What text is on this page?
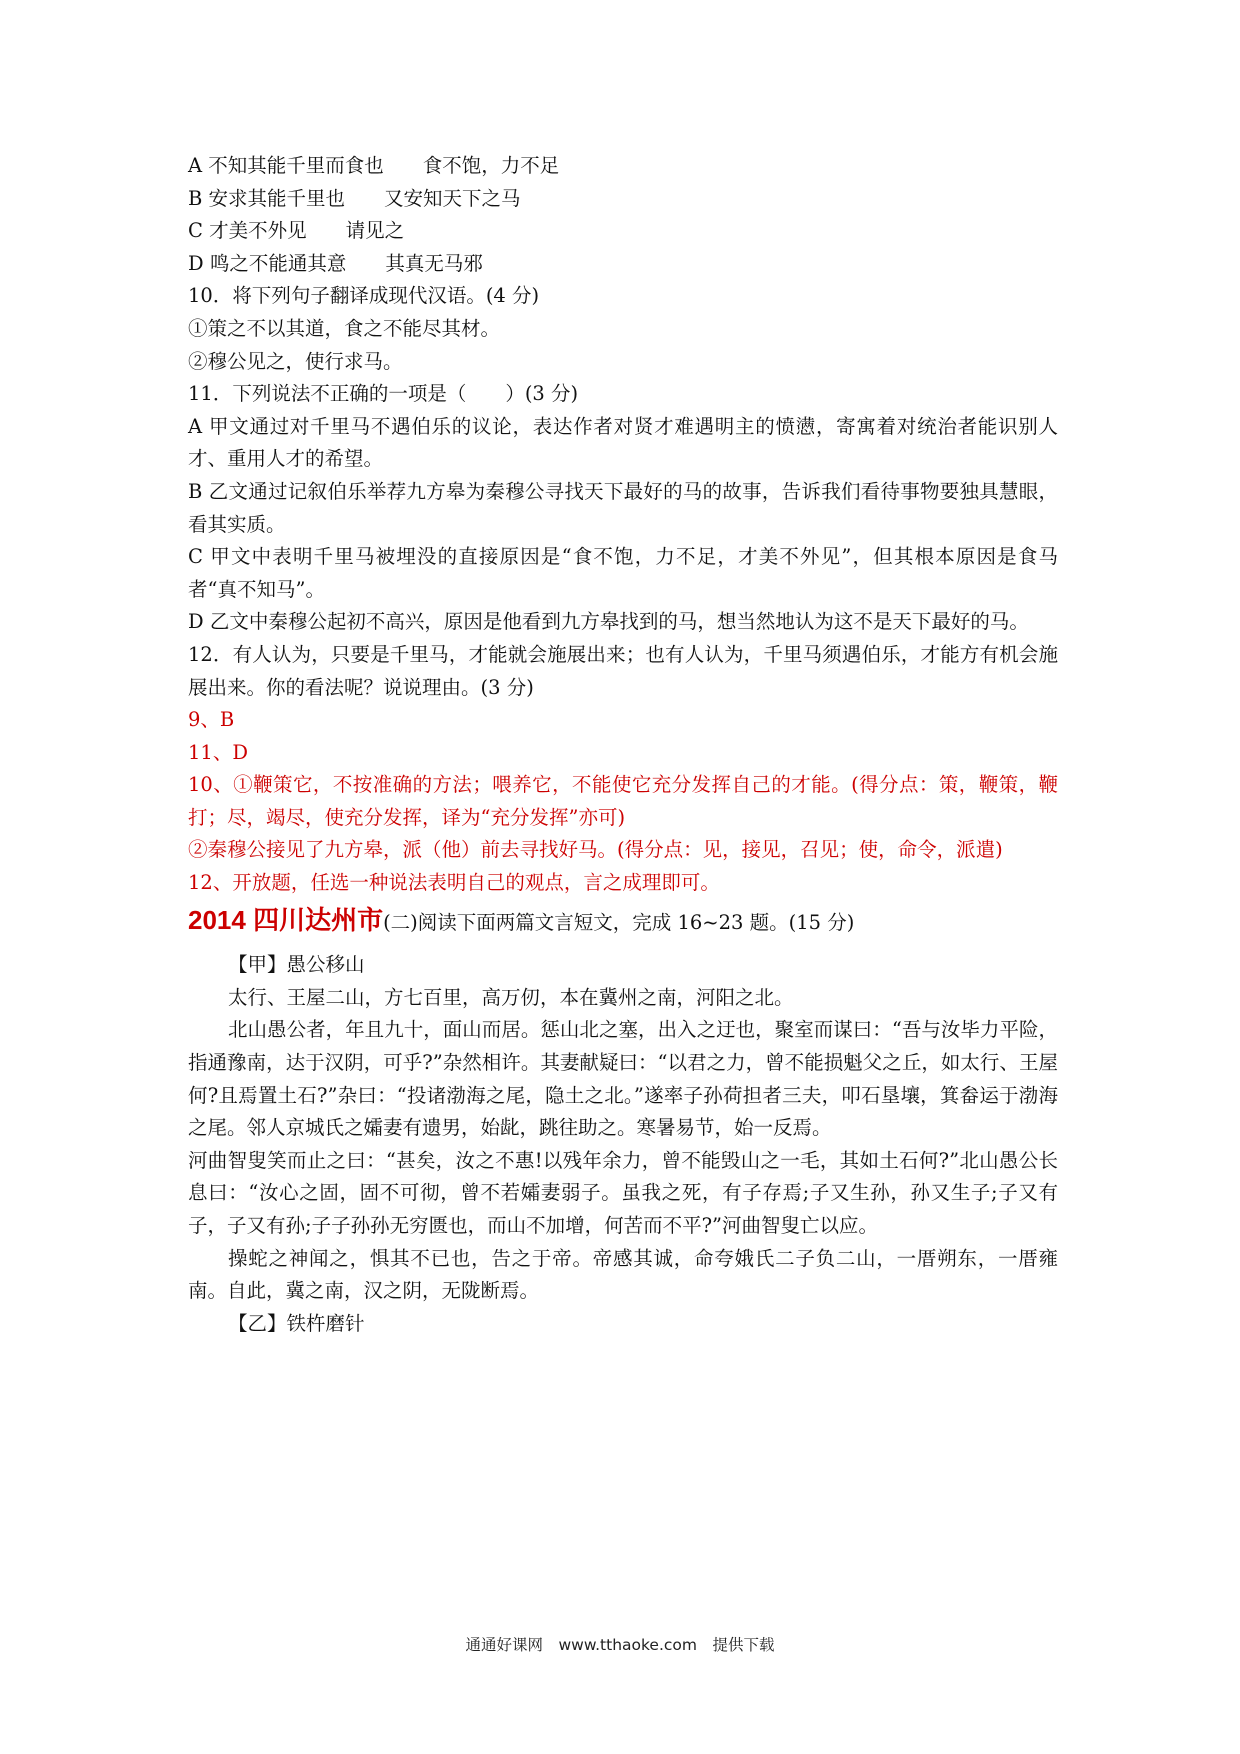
A 不知其能千里而食也　　食不饱，力不足
B 安求其能千里也　　又安知天下之马
C 才美不外见　　请见之
D 鸣之不能通其意　　其真无马邪
10．将下列句子翻译成现代汉语。(4 分)
①策之不以其道，食之不能尽其材。
②穆公见之，使行求马。
11．下列说法不正确的一项是（　　）(3 分)
A 甲文通过对千里马不遇伯乐的议论，表达作者对贤才难遇明主的愤懑，寄寓着对统治者能识别人才、重用人才的希望。
B 乙文通过记叙伯乐举荐九方皋为秦穆公寻找天下最好的马的故事，告诉我们看待事物要独具慧眼，看其实质。
C 甲文中表明千里马被埋没的直接原因是“食不饱，力不足，才美不外见”，但其根本原因是食马者“真不知马”。
D 乙文中秦穆公起初不高兴，原因是他看到九方皋找到的马，想当然地认为这不是天下最好的马。
12．有人认为，只要是千里马，才能就会施展出来；也有人认为，千里马须遇伯乐，才能方有机会施展出来。你的看法呢？说说理由。(3 分)
9、B
11、D
10、①鞭策它，不按准确的方法；喂养它，不能使它充分发挥自己的才能。(得分点：策，鞭策，鞭打；尽，竭尽，使充分发挥，译为“充分发挥”亦可)
②秦穆公接见了九方皋，派（他）前去寻找好马。(得分点：见，接见，召见；使，命令，派遣)
12、开放题，任选一种说法表明自己的观点，言之成理即可。
2014 四川达州市(二)阅读下面两篇文言短文，完成 16~23 题。(15 分)
【甲】愚公移山
太行、王屋二山，方七百里，高万仞，本在冀州之南，河阳之北。
北山愚公者，年且九十，面山而居。惩山北之塞，出入之迂也，聚室而谋曰：“吾与汝毕力平险，指通豫南，达于汉阴，可乎?”杂然相许。其妻献疑曰：“以君之力，曾不能损魁父之丘，如太行、王屋何?且焉置土石?”杂曰：“投诸渤海之尾，隐土之北。”遂率子孙荷担者三夫，叩石垦壤，箕畚运于渤海之尾。邻人京城氏之孀妻有遗男，始龀，跳往助之。寒暑易节，始一反焉。
河曲智叟笑而止之曰：“甚矣，汝之不惠!以残年余力，曾不能毁山之一毛，其如土石何?”北山愚公长息曰：“汝心之固，固不可彻，曾不若孀妻弱子。虽我之死，有子存焉;子又生孙，孙又生子;子又有子，子又有孙;子子孙孙无穷匮也，而山不加增，何苦而不平?”河曲智叟亡以应。
操蛇之神闻之，惧其不已也，告之于帝。帝感其诚，命夸娥氏二子负二山，一厝朔东，一厝雍南。自此，冀之南，汉之阴，无陇断焉。
【乙】铁杵磨针
通通好课网　www.tthaoke.com　提供下载
